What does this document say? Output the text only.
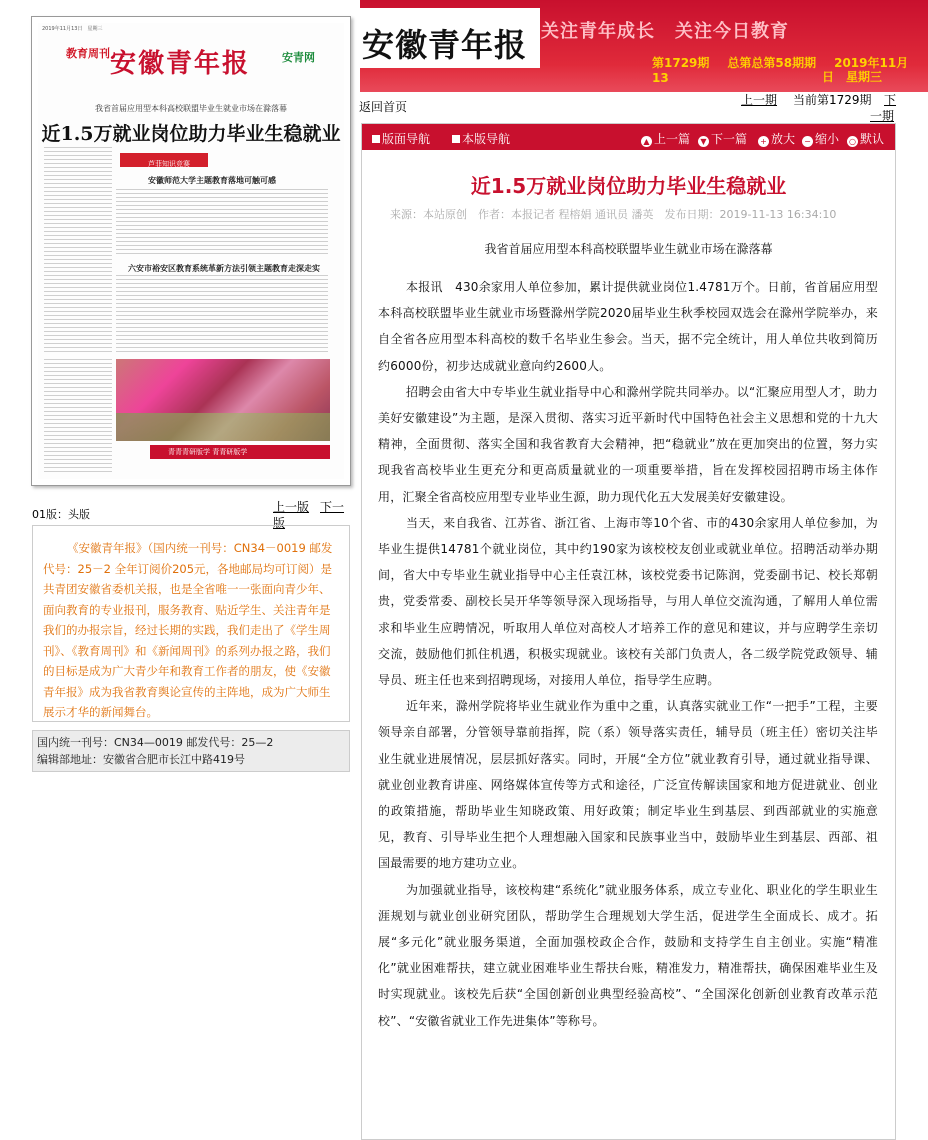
安徽青年报 关注青年成长 关注今日教育
第1729期 总第总第58期期 2019年11月13	日　星期三
2019年11月13日　星期三
教育周刊 安徽青年报	安青网
我省首届应用型本科高校联盟毕业生就业市场在滁落幕
近1.5万就业岗位助力毕业生稳就业
芦菲知识竞赛
安徽师范大学主题教育落地可触可感
六安市裕安区教育系统革新方法引领主题教育走深走实
青青青研版学 青青研版学
01版：头版
上一版 下一
版
《安徽青年报》（国内统一刊号：CN34－0019 邮发代号：25－2 全年订阅价205元，各地邮局均可订阅）是共青团安徽省委机关报，也是全省唯一一张面向青少年、面向教育的专业报刊，服务教育、贴近学生、关注青年是我们的办报宗旨，经过长期的实践，我们走出了《学生周刊》、《教育周刊》和《新闻周刊》的系列办报之路，我们的目标是成为广大青少年和教育工作者的朋友，使《安徽青年报》成为我省教育舆论宣传的主阵地，成为广大师生展示才华的新闻舞台。
国内统一刊号：CN34—0019 邮发代号：25—2
编辑部地址：安徽省合肥市长江中路419号
返回首页	上一期 当前第1729期 下
一期
版面导航	本版导航	▲ 上一篇	▼ 下一篇 + 放大 − 缩小 ○ 默认
近1.5万就业岗位助力毕业生稳就业
来源：本站原创　作者：本报记者 程榕娟 通讯员 潘英　发布日期：2019-11-13 16:34:10
我省首届应用型本科高校联盟毕业生就业市场在滁落幕

本报讯　430余家用人单位参加，累计提供就业岗位1.4781万个。日前，省首届应用型本科高校联盟毕业生就业市场暨滁州学院2020届毕业生秋季校园双选会在滁州学院举办，来自全省各应用型本科高校的数千名毕业生参会。当天，据不完全统计，用人单位共收到简历约6000份，初步达成就业意向约2600人。

招聘会由省大中专毕业生就业指导中心和滁州学院共同举办。以“汇聚应用型人才，助力美好安徽建设”为主题，是深入贯彻、落实习近平新时代中国特色社会主义思想和党的十九大精神，全面贯彻、落实全国和我省教育大会精神，把“稳就业”放在更加突出的位置，努力实现我省高校毕业生更充分和更高质量就业的一项重要举措，旨在发挥校园招聘市场主体作用，汇聚全省高校应用型专业毕业生源，助力现代化五大发展美好安徽建设。

当天，来自我省、江苏省、浙江省、上海市等10个省、市的430余家用人单位参加，为毕业生提供14781个就业岗位，其中约190家为该校校友创业或就业单位。招聘活动举办期间，省大中专毕业生就业指导中心主任袁江林，该校党委书记陈润，党委副书记、校长郑朝贵，党委常委、副校长吴开华等领导深入现场指导，与用人单位交流沟通，了解用人单位需求和毕业生应聘情况，听取用人单位对高校人才培养工作的意见和建议，并与应聘学生亲切交流，鼓励他们抓住机遇，积极实现就业。该校有关部门负责人，各二级学院党政领导、辅导员、班主任也来到招聘现场，对接用人单位，指导学生应聘。

近年来，滁州学院将毕业生就业作为重中之重，认真落实就业工作“一把手”工程，主要领导亲自部署，分管领导靠前指挥，院（系）领导落实责任，辅导员（班主任）密切关注毕业生就业进展情况，层层抓好落实。同时，开展“全方位”就业教育引导，通过就业指导课、就业创业教育讲座、网络媒体宣传等方式和途径，广泛宣传解读国家和地方促进就业、创业的政策措施，帮助毕业生知晓政策、用好政策；制定毕业生到基层、到西部就业的实施意见，教育、引导毕业生把个人理想融入国家和民族事业当中，鼓励毕业生到基层、西部、祖国最需要的地方建功立业。

为加强就业指导，该校构建“系统化”就业服务体系，成立专业化、职业化的学生职业生涯规划与就业创业研究团队，帮助学生合理规划大学生活，促进学生全面成长、成才。拓展“多元化”就业服务渠道，全面加强校政企合作，鼓励和支持学生自主创业。实施“精准化”就业困难帮扶，建立就业困难毕业生帮扶台账，精准发力，精准帮扶，确保困难毕业生及时实现就业。该校先后获“全国创新创业典型经验高校”、“全国深化创新创业教育改革示范校”、“安徽省就业工作先进集体”等称号。
